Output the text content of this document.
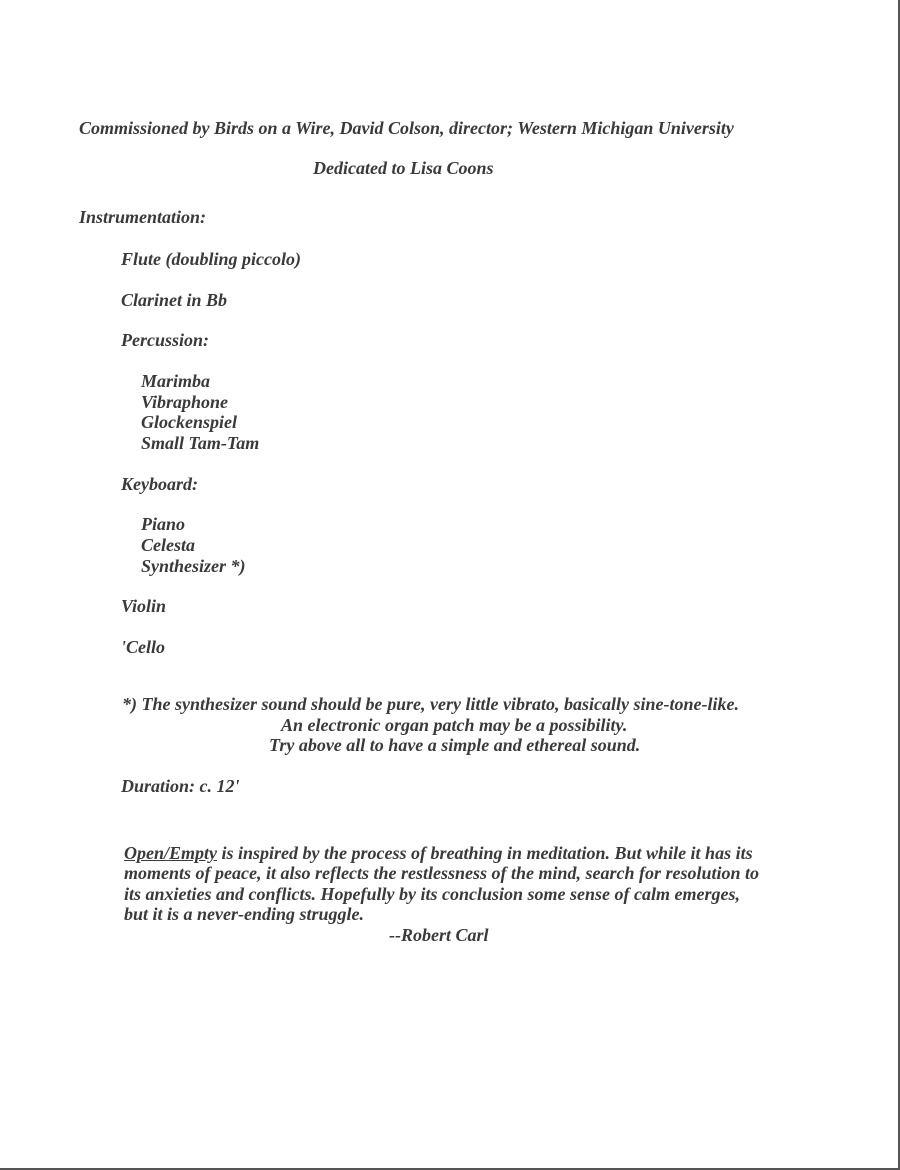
Commissioned by Birds on a Wire, David Colson, director; Western Michigan University
Dedicated to Lisa Coons
Instrumentation:
Flute (doubling piccolo)
Clarinet in Bb
Percussion:
Marimba
Vibraphone
Glockenspiel
Small Tam-Tam
Keyboard:
Piano
Celesta
Synthesizer *)
Violin
'Cello
*) The synthesizer sound should be pure, very little vibrato, basically sine-tone-like.
An electronic organ patch may be a possibility.
Try above all to have a simple and ethereal sound.
Duration: c. 12'
Open/Empty is inspired by the process of breathing in meditation. But while it has its
moments of peace, it also reflects the restlessness of the mind, search for resolution to
its anxieties and conflicts. Hopefully by its conclusion some sense of calm emerges,
but it is a never-ending struggle.
--Robert Carl
